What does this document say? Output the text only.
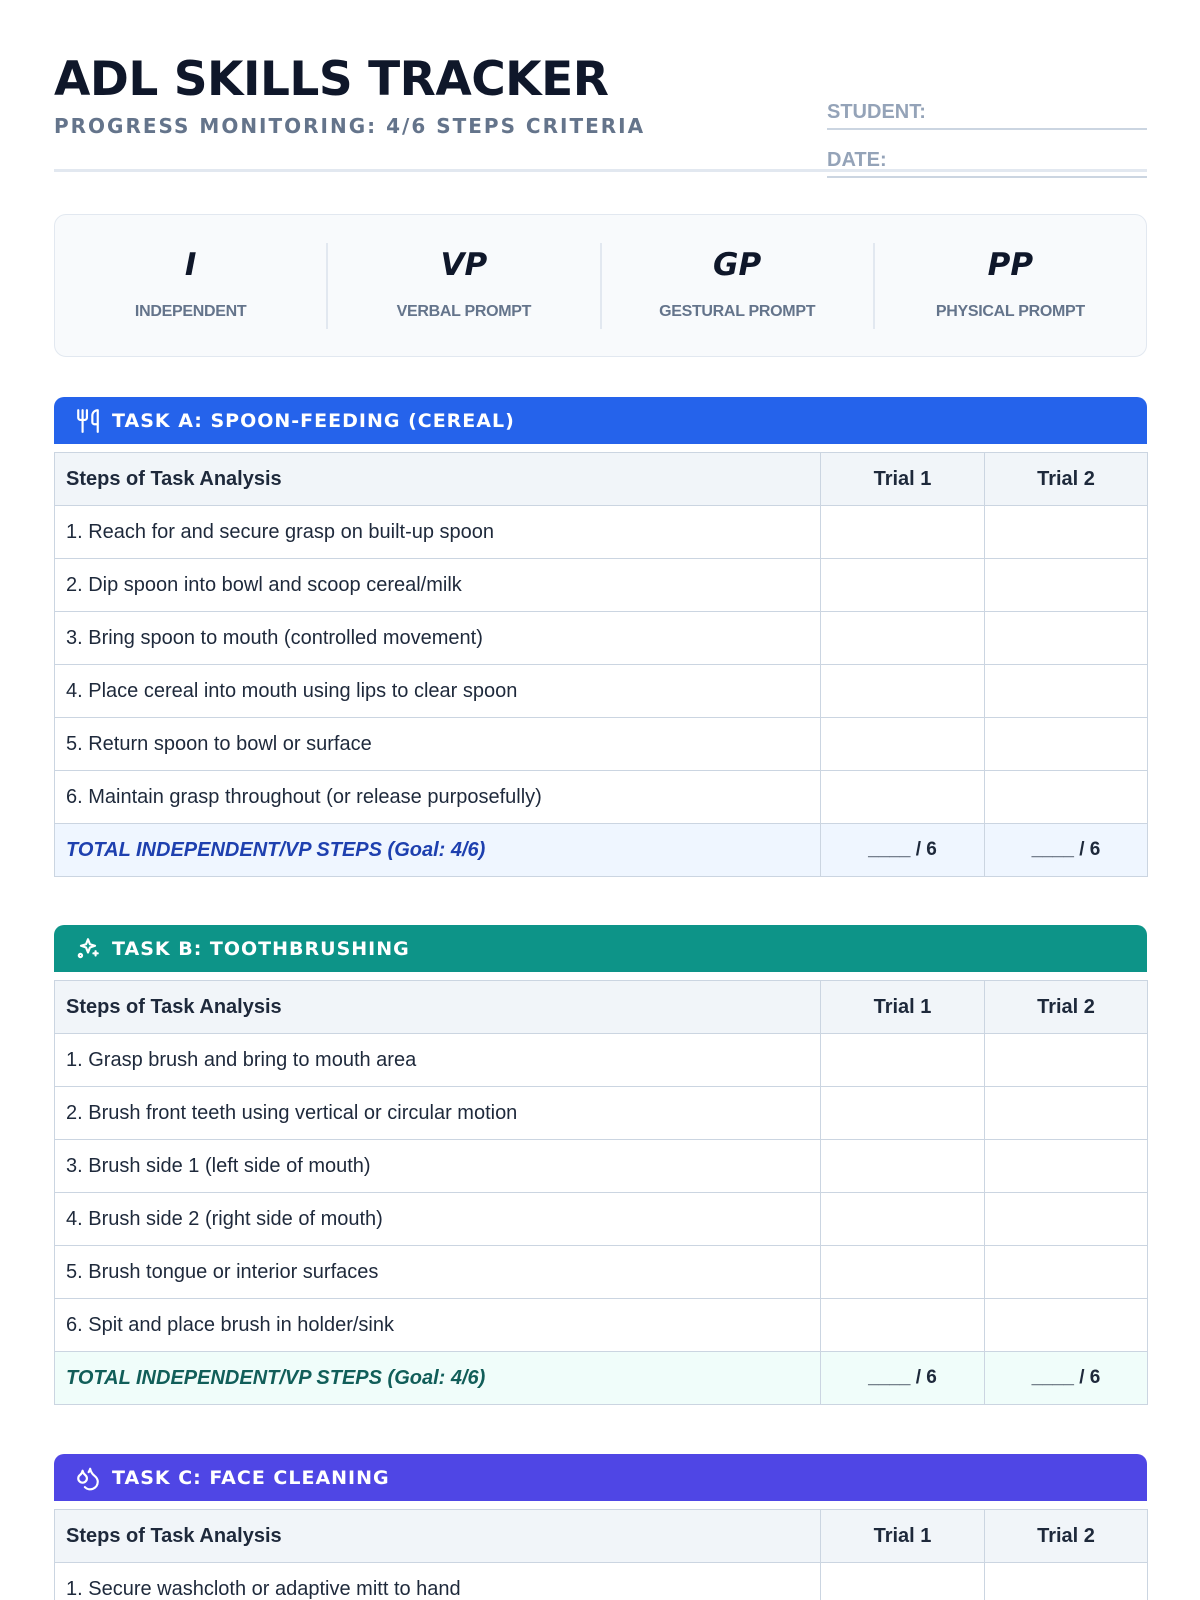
ADL SKILLS TRACKER
PROGRESS MONITORING: 4/6 STEPS CRITERIA
STUDENT:
DATE:
I
INDEPENDENT
VP
VERBAL PROMPT
GP
GESTURAL PROMPT
PP
PHYSICAL PROMPT
TASK A: SPOON-FEEDING (CEREAL)
Steps of Task Analysis	Trial 1	Trial 2
1. Reach for and secure grasp on built-up spoon		
2. Dip spoon into bowl and scoop cereal/milk		
3. Bring spoon to mouth (controlled movement)		
4. Place cereal into mouth using lips to clear spoon		
5. Return spoon to bowl or surface		
6. Maintain grasp throughout (or release purposefully)		
TOTAL INDEPENDENT/VP STEPS (Goal: 4/6)	____ / 6	____ / 6
TASK B: TOOTHBRUSHING
Steps of Task Analysis	Trial 1	Trial 2
1. Grasp brush and bring to mouth area		
2. Brush front teeth using vertical or circular motion		
3. Brush side 1 (left side of mouth)		
4. Brush side 2 (right side of mouth)		
5. Brush tongue or interior surfaces		
6. Spit and place brush in holder/sink		
TOTAL INDEPENDENT/VP STEPS (Goal: 4/6)	____ / 6	____ / 6
TASK C: FACE CLEANING
Steps of Task Analysis	Trial 1	Trial 2
1. Secure washcloth or adaptive mitt to hand		
